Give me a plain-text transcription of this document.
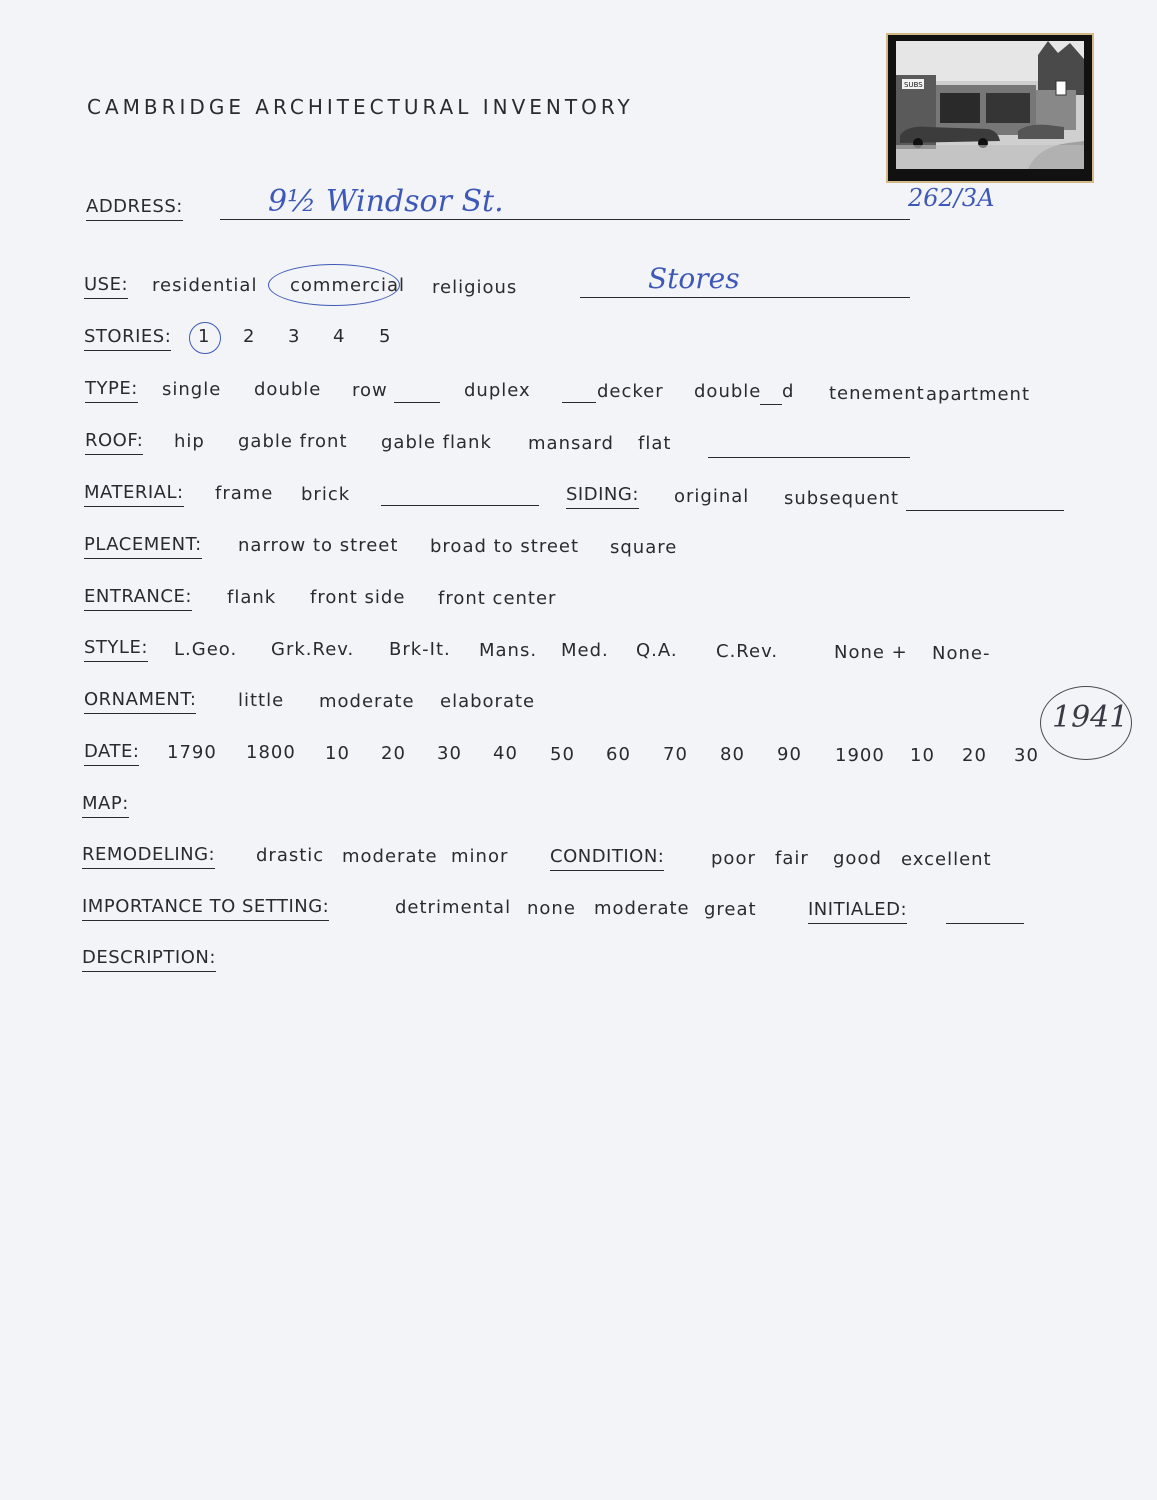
CAMBRIDGE ARCHITECTURAL INVENTORY
SUBS
262/3A
ADDRESS:	9½ Windsor St.
USE: residential commercial religious	Stores
STORIES: 1 2 3 4 5
TYPE: single double row	duplex	decker double d tenement apartment
ROOF: hip gable front gable flank mansard flat
MATERIAL: frame brick	SIDING: original subsequent
PLACEMENT: narrow to street broad to street square
ENTRANCE: flank front side front center
STYLE: L.Geo. Grk.Rev. Brk-It. Mans. Med. Q.A. C.Rev.	None + None-
ORNAMENT: little moderate elaborate
DATE: 1790 1800 10 20 30 40 50 60 70 80 90 1900 10 20 30
1941
MAP:
REMODELING: drastic moderate minor CONDITION:	poor fair good excellent
IMPORTANCE TO SETTING:	detrimental none moderate great	INITIALED:
DESCRIPTION:
